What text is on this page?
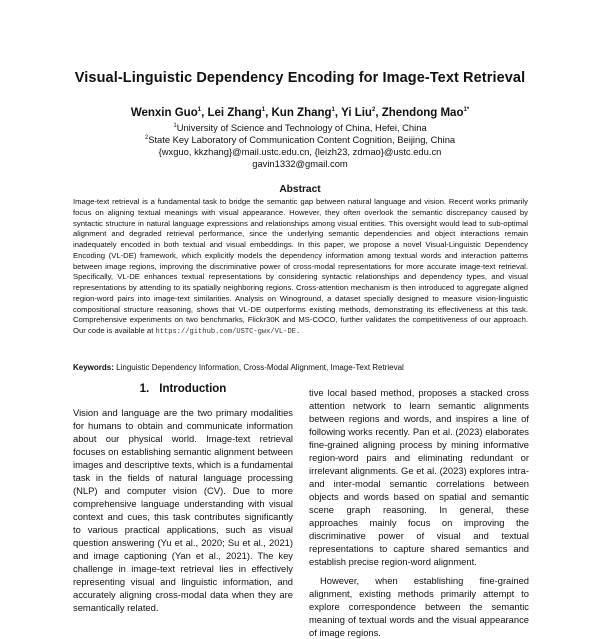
Visual-Linguistic Dependency Encoding for Image-Text Retrieval
Wenxin Guo$^1$, Lei Zhang$^1$, Kun Zhang$^1$, Yi Liu$^2$, Zhendong Mao$^{1*}$
$^1$University of Science and Technology of China, Hefei, China
$^2$State Key Laboratory of Communication Content Cognition, Beijing, China
{wxguo, kkzhang}@mail.ustc.edu.cn, {leizh23, zdmao}@ustc.edu.cn
gavin1332@gmail.com
Abstract
Image-text retrieval is a fundamental task to bridge the semantic gap between natural language and vision. Recent works primarily focus on aligning textual meanings with visual appearance. However, they often overlook the semantic discrepancy caused by syntactic structure in natural language expressions and relationships among visual entities. This oversight would lead to sub-optimal alignment and degraded retrieval performance, since the underlying semantic dependencies and object interactions remain inadequately encoded in both textual and visual embeddings. In this paper, we propose a novel Visual-Linguistic Dependency Encoding (VL-DE) framework, which explicitly models the dependency information among textual words and interaction patterns between image regions, improving the discriminative power of cross-modal representations for more accurate image-text retrieval. Specifically, VL-DE enhances textual representations by considering syntactic relationships and dependency types, and visual representations by attending to its spatially neighboring regions. Cross-attention mechanism is then introduced to aggregate aligned region-word pairs into image-text similarities. Analysis on Winoground, a dataset specially designed to measure vision-linguistic compositional structure reasoning, shows that VL-DE outperforms existing methods, demonstrating its effectiveness at this task. Comprehensive experiments on two benchmarks, Flickr30K and MS-COCO, further validates the competitiveness of our approach. Our code is available at https://github.com/USTC-gwx/VL-DE.
Keywords: Linguistic Dependency Information, Cross-Modal Alignment, Image-Text Retrieval
1. Introduction

Vision and language are the two primary modalities for humans to obtain and communicate information about our physical world. Image-text retrieval focuses on establishing semantic alignment between images and descriptive texts, which is a fundamental task in the fields of natural language processing (NLP) and computer vision (CV). Due to more comprehensive language understanding with visual context and cues, this task contributes significantly to various practical applications, such as visual question answering (Yu et al., 2020; Su et al., 2021) and image captioning (Yan et al., 2021). The key challenge in image-text retrieval lies in effectively representing visual and linguistic information, and accurately aligning cross-modal data when they are semantically related.

tive local based method, proposes a stacked cross attention network to learn semantic alignments between regions and words, and inspires a line of following works recently. Pan et al. (2023) elaborates fine-grained aligning process by mining informative region-word pairs and eliminating redundant or irrelevant alignments. Ge et al. (2023) explores intra- and inter-modal semantic correlations between objects and words based on spatial and semantic scene graph reasoning. In general, these approaches mainly focus on improving the discriminative power of visual and textual representations to capture shared semantics and establish precise region-word alignment.

However, when establishing fine-grained alignment, existing methods primarily attempt to explore correspondence between the semantic meaning of textual words and the visual appearance of image regions.
